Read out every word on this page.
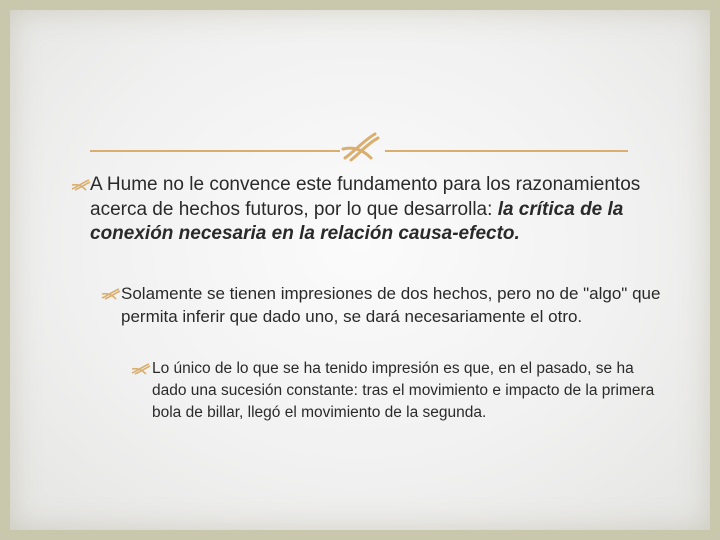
A Hume no le convence este fundamento para los razonamientos acerca de hechos futuros, por lo que desarrolla: la crítica de la conexión necesaria en la relación causa-efecto.
Solamente se tienen impresiones de dos hechos, pero no de "algo" que permita inferir que dado uno, se dará necesariamente el otro.
Lo único de lo que se ha tenido impresión es que, en el pasado, se ha dado una sucesión constante: tras el movimiento e impacto de la primera bola de billar, llegó el movimiento de la segunda.
